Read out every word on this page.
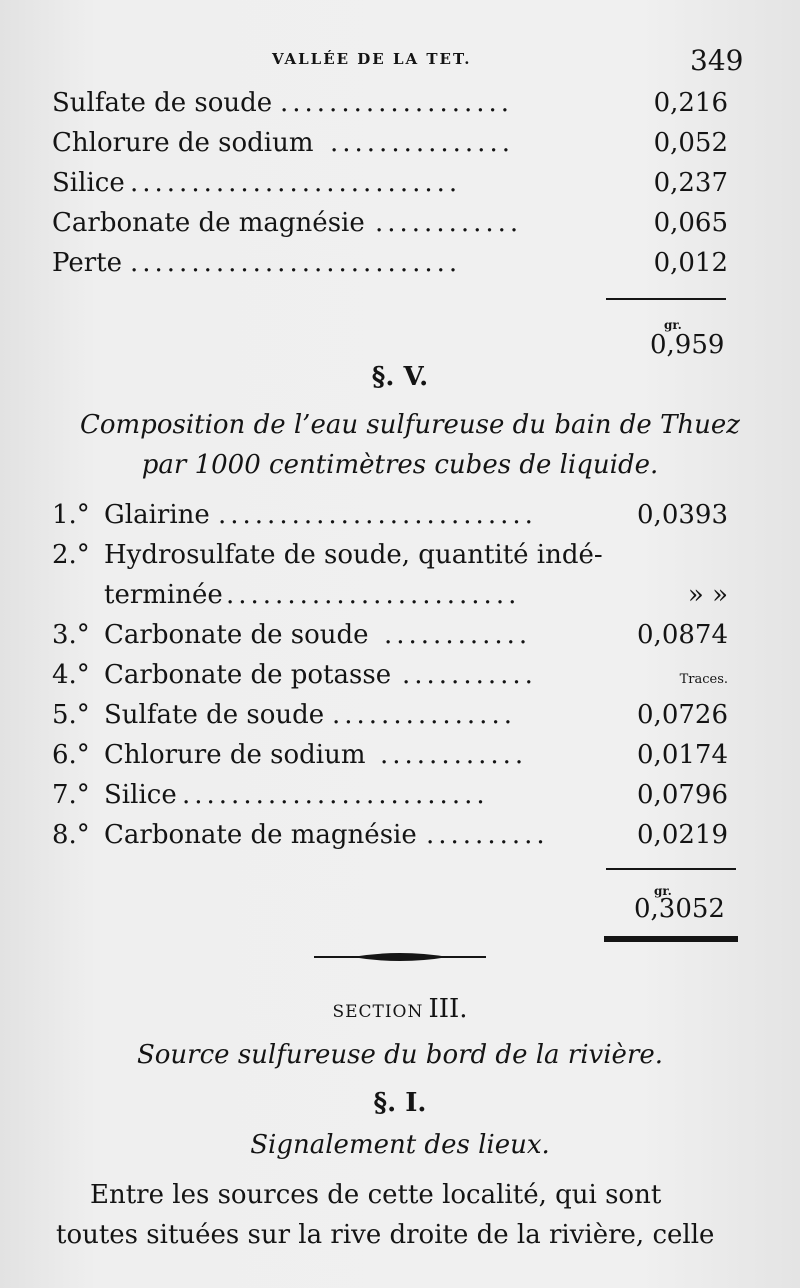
VALLÉE DE LA TET.	349
Sulfate de soude ...................	0,216
Chlorure de sodium ...............	0,052
Silice ...........................	0,237
Carbonate de magnésie ............	0,065
Perte ...........................	0,012
gr.
0,959
§. V.
Composition de l’eau sulfureuse du bain de Thuez
par 1000 centimètres cubes de liquide.
1.° Glairine ..........................	0,0393
2.° Hydrosulfate de soude, quantité indé-
terminée ........................	» »
3.° Carbonate de soude ............	0,0874
4.° Carbonate de potasse ...........	Traces.
5.° Sulfate de soude ...............	0,0726
6.° Chlorure de sodium ............	0,0174
7.° Silice .........................	0,0796
8.° Carbonate de magnésie ..........	0,0219
gr.
0,3052
SECTION III.
Source sulfureuse du bord de la rivière.
§. I.
Signalement des lieux.
Entre les sources de cette localité, qui sont
toutes situées sur la rive droite de la rivière, celle
